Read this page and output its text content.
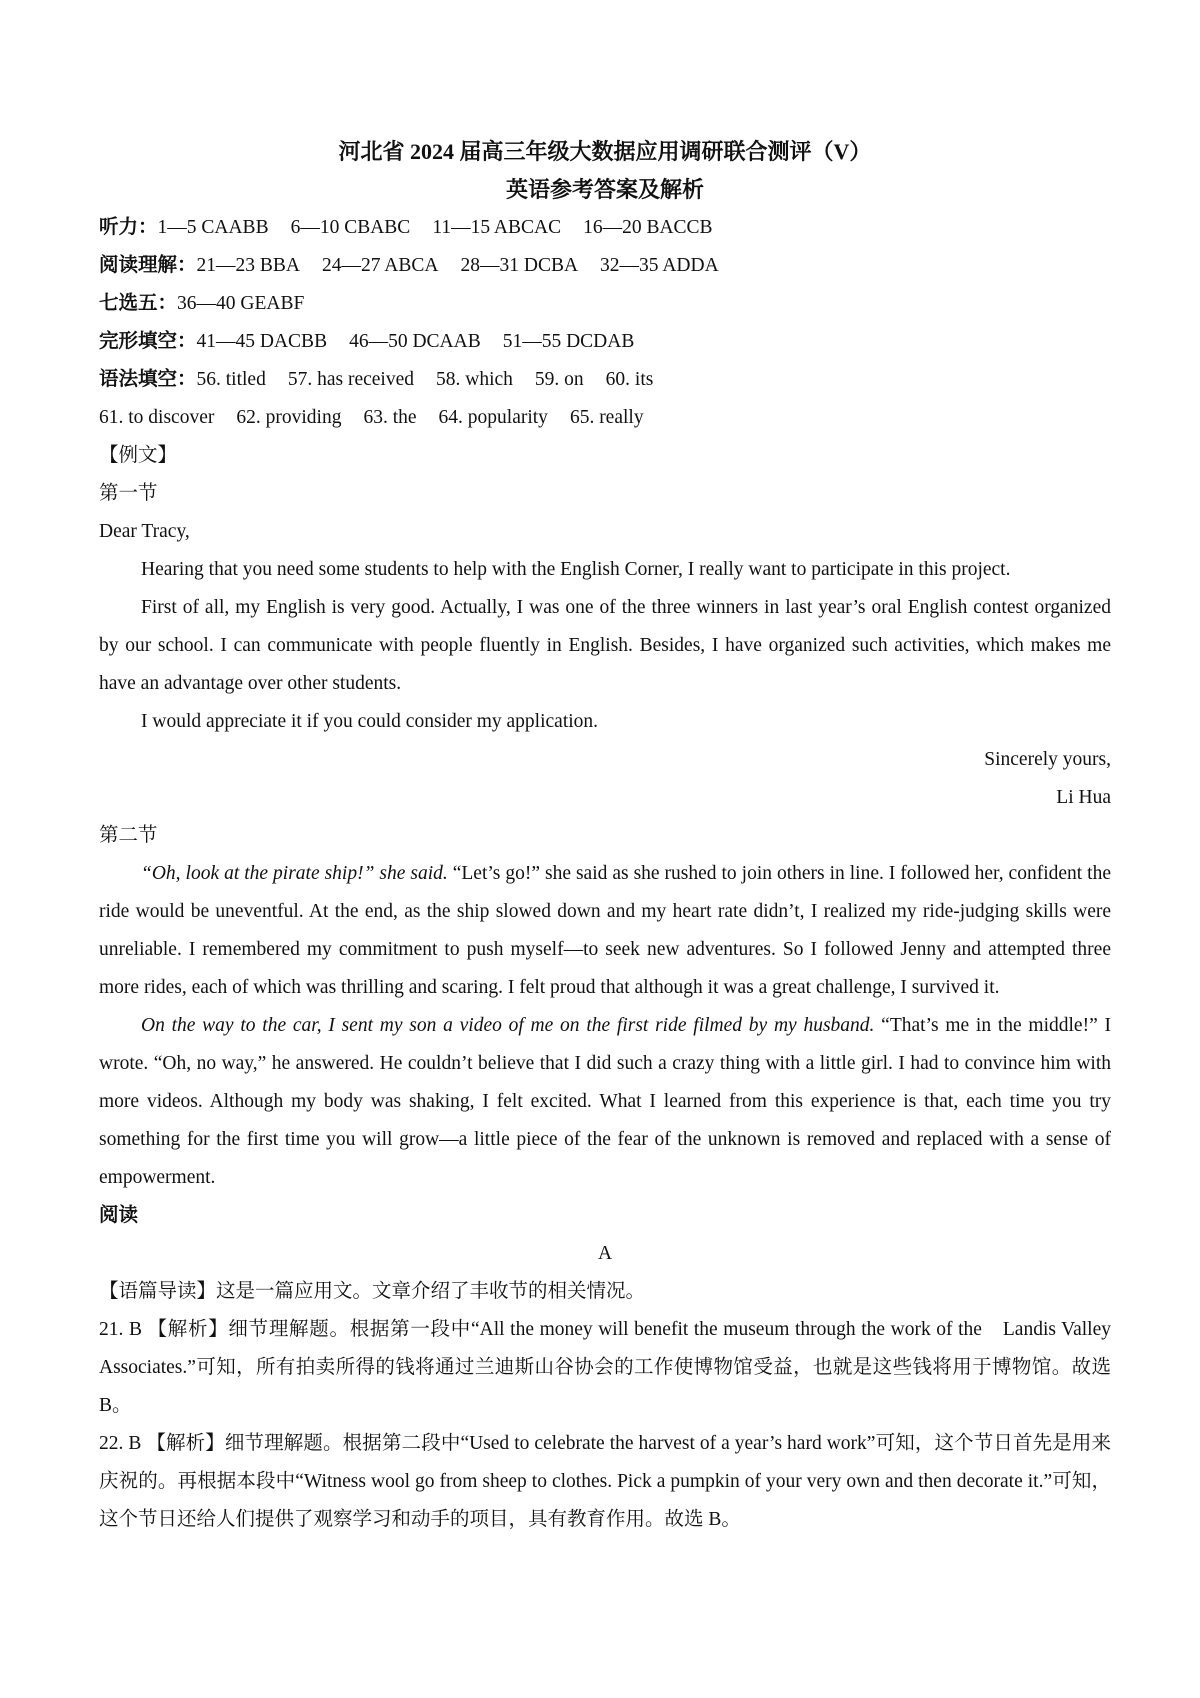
河北省 2024 届高三年级大数据应用调研联合测评（V）
英语参考答案及解析
听力：1—5 CAABB 6—10 CBABC 11—15 ABCAC 16—20 BACCB
阅读理解：21—23 BBA 24—27 ABCA 28—31 DCBA 32—35 ADDA
七选五：36—40 GEABF
完形填空：41—45 DACBB 46—50 DCAAB 51—55 DCDAB
语法填空：56. titled 57. has received 58. which 59. on 60. its
61. to discover 62. providing 63. the 64. popularity 65. really
【例文】
第一节
Dear Tracy,

Hearing that you need some students to help with the English Corner, I really want to participate in this project.

First of all, my English is very good. Actually, I was one of the three winners in last year’s oral English contest organized by our school. I can communicate with people fluently in English. Besides, I have organized such activities, which makes me have an advantage over other students.

I would appreciate it if you could consider my application.

Sincerely yours,
Li Hua
第二节

“Oh, look at the pirate ship!” she said. “Let’s go!” she said as she rushed to join others in line. I followed her, confident the ride would be uneventful. At the end, as the ship slowed down and my heart rate didn’t, I realized my ride-judging skills were unreliable. I remembered my commitment to push myself—to seek new adventures. So I followed Jenny and attempted three more rides, each of which was thrilling and scaring. I felt proud that although it was a great challenge, I survived it.

On the way to the car, I sent my son a video of me on the first ride filmed by my husband. “That’s me in the middle!” I wrote. “Oh, no way,” he answered. He couldn’t believe that I did such a crazy thing with a little girl. I had to convince him with more videos. Although my body was shaking, I felt excited. What I learned from this experience is that, each time you try something for the first time you will grow—a little piece of the fear of the unknown is removed and replaced with a sense of empowerment.

阅读
A
【语篇导读】这是一篇应用文。文章介绍了丰收节的相关情况。
21. B 【解析】细节理解题。根据第一段中“All the money will benefit the museum through the work of the　Landis Valley Associates.”可知，所有拍卖所得的钱将通过兰迪斯山谷协会的工作使博物馆受益，也就是这些钱将用于博物馆。故选 B。
22. B 【解析】细节理解题。根据第二段中“Used to celebrate the harvest of a year’s hard work”可知，这个节日首先是用来庆祝的。再根据本段中“Witness wool go from sheep to clothes. Pick a pumpkin of your very own and then decorate it.”可知，这个节日还给人们提供了观察学习和动手的项目，具有教育作用。故选 B。
